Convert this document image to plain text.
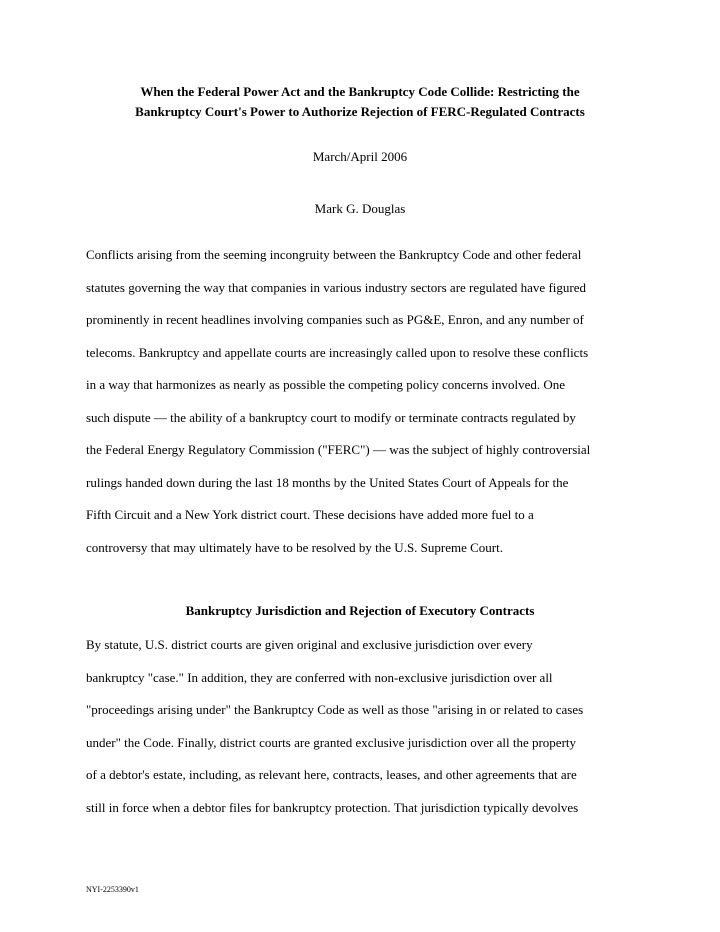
When the Federal Power Act and the Bankruptcy Code Collide: Restricting the
Bankruptcy Court's Power to Authorize Rejection of FERC-Regulated Contracts
March/April 2006
Mark G. Douglas

Conflicts arising from the seeming incongruity between the Bankruptcy Code and other federal
statutes governing the way that companies in various industry sectors are regulated have figured
prominently in recent headlines involving companies such as PG&E, Enron, and any number of
telecoms. Bankruptcy and appellate courts are increasingly called upon to resolve these conflicts
in a way that harmonizes as nearly as possible the competing policy concerns involved. One
such dispute — the ability of a bankruptcy court to modify or terminate contracts regulated by
the Federal Energy Regulatory Commission ("FERC") — was the subject of highly controversial
rulings handed down during the last 18 months by the United States Court of Appeals for the
Fifth Circuit and a New York district court. These decisions have added more fuel to a
controversy that may ultimately have to be resolved by the U.S. Supreme Court.

Bankruptcy Jurisdiction and Rejection of Executory Contracts

By statute, U.S. district courts are given original and exclusive jurisdiction over every
bankruptcy "case." In addition, they are conferred with non-exclusive jurisdiction over all
"proceedings arising under" the Bankruptcy Code as well as those "arising in or related to cases
under" the Code. Finally, district courts are granted exclusive jurisdiction over all the property
of a debtor's estate, including, as relevant here, contracts, leases, and other agreements that are
still in force when a debtor files for bankruptcy protection. That jurisdiction typically devolves

NYI-2253390v1
